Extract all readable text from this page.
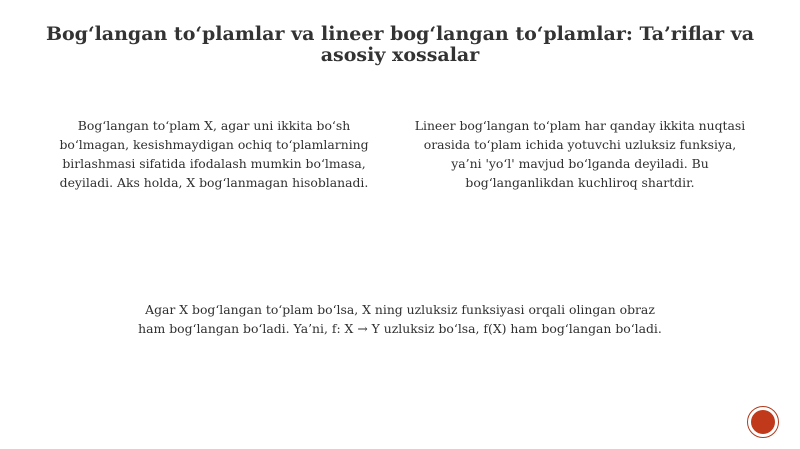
Bog‘langan to‘plamlar va lineer bog‘langan to‘plamlar: Ta’riflar va asosiy xossalar

Bog‘langan to‘plam X, agar uni ikkita bo‘sh bo‘lmagan, kesishmaydigan ochiq to‘plamlarning birlashmasi sifatida ifodalash mumkin bo‘lmasa, deyiladi. Aks holda, X bog‘lanmagan hisoblanadi.

Lineer bog‘langan to‘plam har qanday ikkita nuqtasi orasida to‘plam ichida yotuvchi uzluksiz funksiya, ya’ni 'yo‘l' mavjud bo‘lganda deyiladi. Bu bog‘langanlikdan kuchliroq shartdir.

Agar X bog‘langan to‘plam bo‘lsa, X ning uzluksiz funksiyasi orqali olingan obraz ham bog‘langan bo‘ladi. Ya’ni, f: X → Y uzluksiz bo‘lsa, f(X) ham bog‘langan bo‘ladi.
